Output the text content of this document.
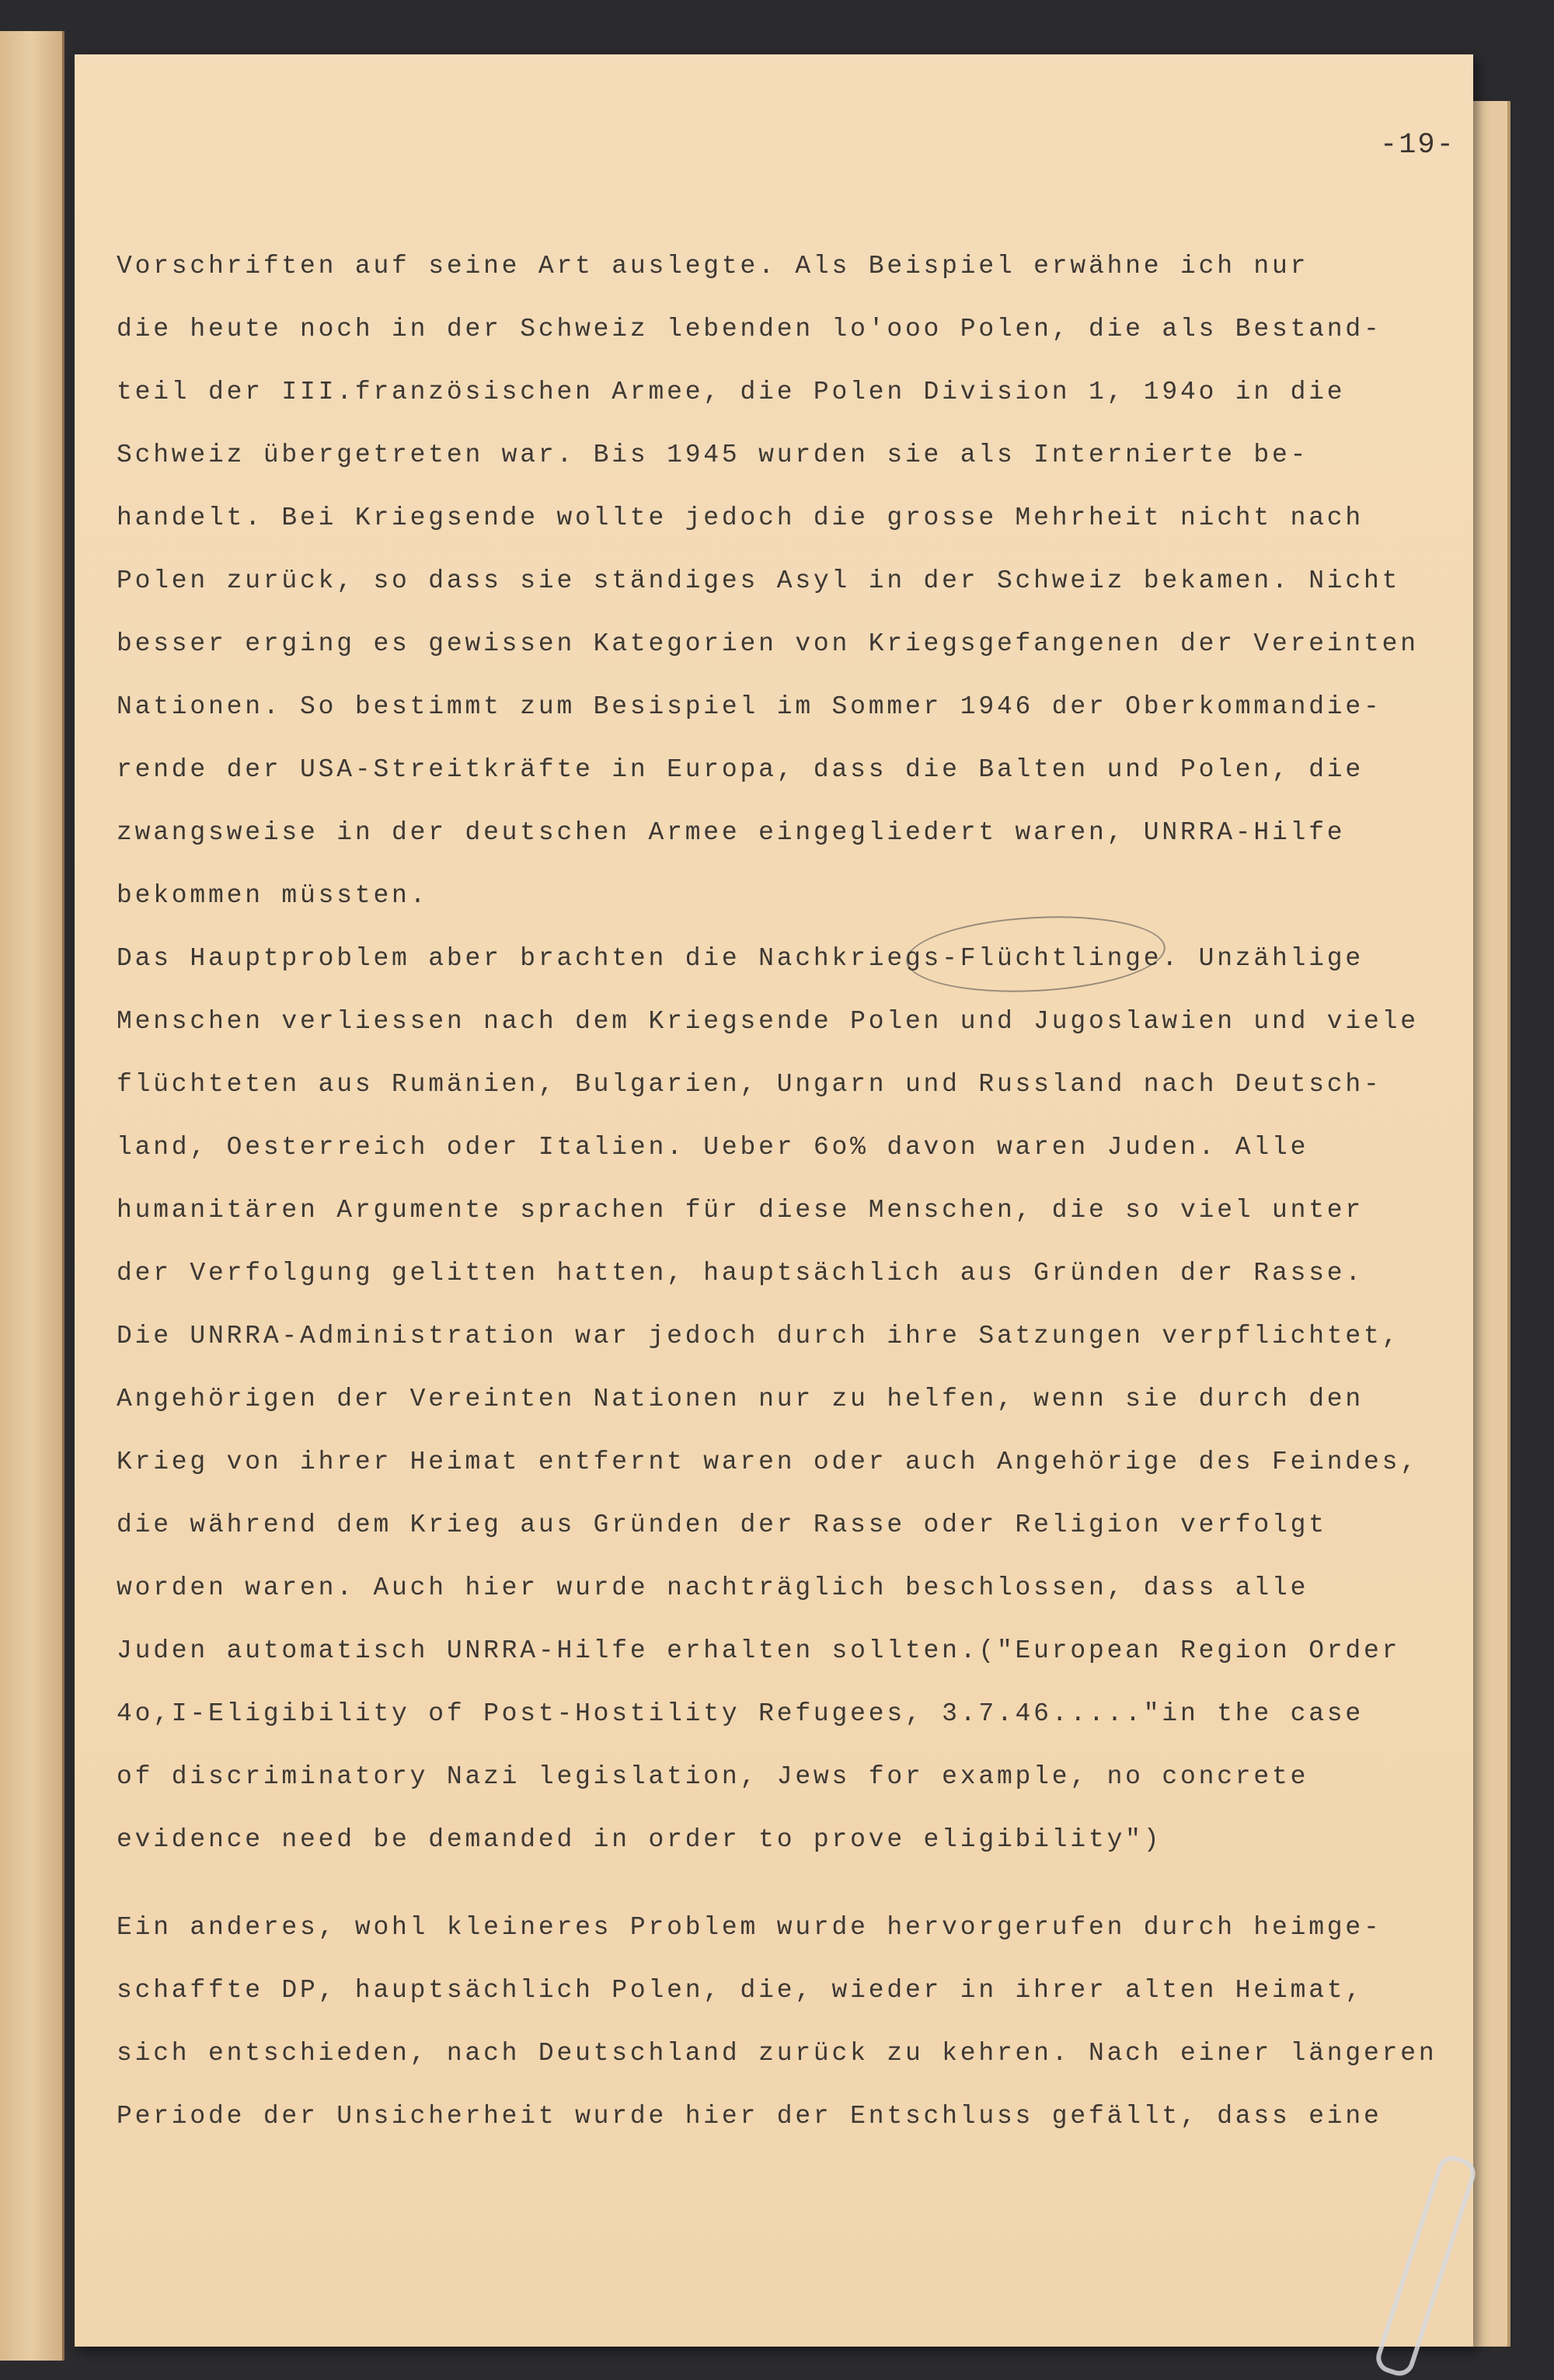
-19-
Vorschriften auf seine Art auslegte. Als Beispiel erwähne ich nur
die heute noch in der Schweiz lebenden lo'ooo Polen, die als Bestand-
teil der III.französischen Armee, die Polen Division 1, 194o in die
Schweiz übergetreten war. Bis 1945 wurden sie als Internierte be-
handelt. Bei Kriegsende wollte jedoch die grosse Mehrheit nicht nach
Polen zurück, so dass sie ständiges Asyl in der Schweiz bekamen. Nicht
besser erging es gewissen Kategorien von Kriegsgefangenen der Vereinten
Nationen. So bestimmt zum Besispiel im Sommer 1946 der Oberkommandie-
rende der USA-Streitkräfte in Europa, dass die Balten und Polen, die
zwangsweise in der deutschen Armee eingegliedert waren, UNRRA-Hilfe
bekommen müssten.
Das Hauptproblem aber brachten die Nachkriegs-Flüchtlinge. Unzählige
Menschen verliessen nach dem Kriegsende Polen und Jugoslawien und viele
flüchteten aus Rumänien, Bulgarien, Ungarn und Russland nach Deutsch-
land, Oesterreich oder Italien. Ueber 6o% davon waren Juden. Alle
humanitären Argumente sprachen für diese Menschen, die so viel unter
der Verfolgung gelitten hatten, hauptsächlich aus Gründen der Rasse.
Die UNRRA-Administration war jedoch durch ihre Satzungen verpflichtet,
Angehörigen der Vereinten Nationen nur zu helfen, wenn sie durch den
Krieg von ihrer Heimat entfernt waren oder auch Angehörige des Feindes,
die während dem Krieg aus Gründen der Rasse oder Religion verfolgt
worden waren. Auch hier wurde nachträglich beschlossen, dass alle
Juden automatisch UNRRA-Hilfe erhalten sollten.("European Region Order
4o,I-Eligibility of Post-Hostility Refugees, 3.7.46....."in the case
of discriminatory Nazi legislation, Jews for example, no concrete
evidence need be demanded in order to prove eligibility")
Ein anderes, wohl kleineres Problem wurde hervorgerufen durch heimge-
schaffte DP, hauptsächlich Polen, die, wieder in ihrer alten Heimat,
sich entschieden, nach Deutschland zurück zu kehren. Nach einer längeren
Periode der Unsicherheit wurde hier der Entschluss gefällt, dass eine
